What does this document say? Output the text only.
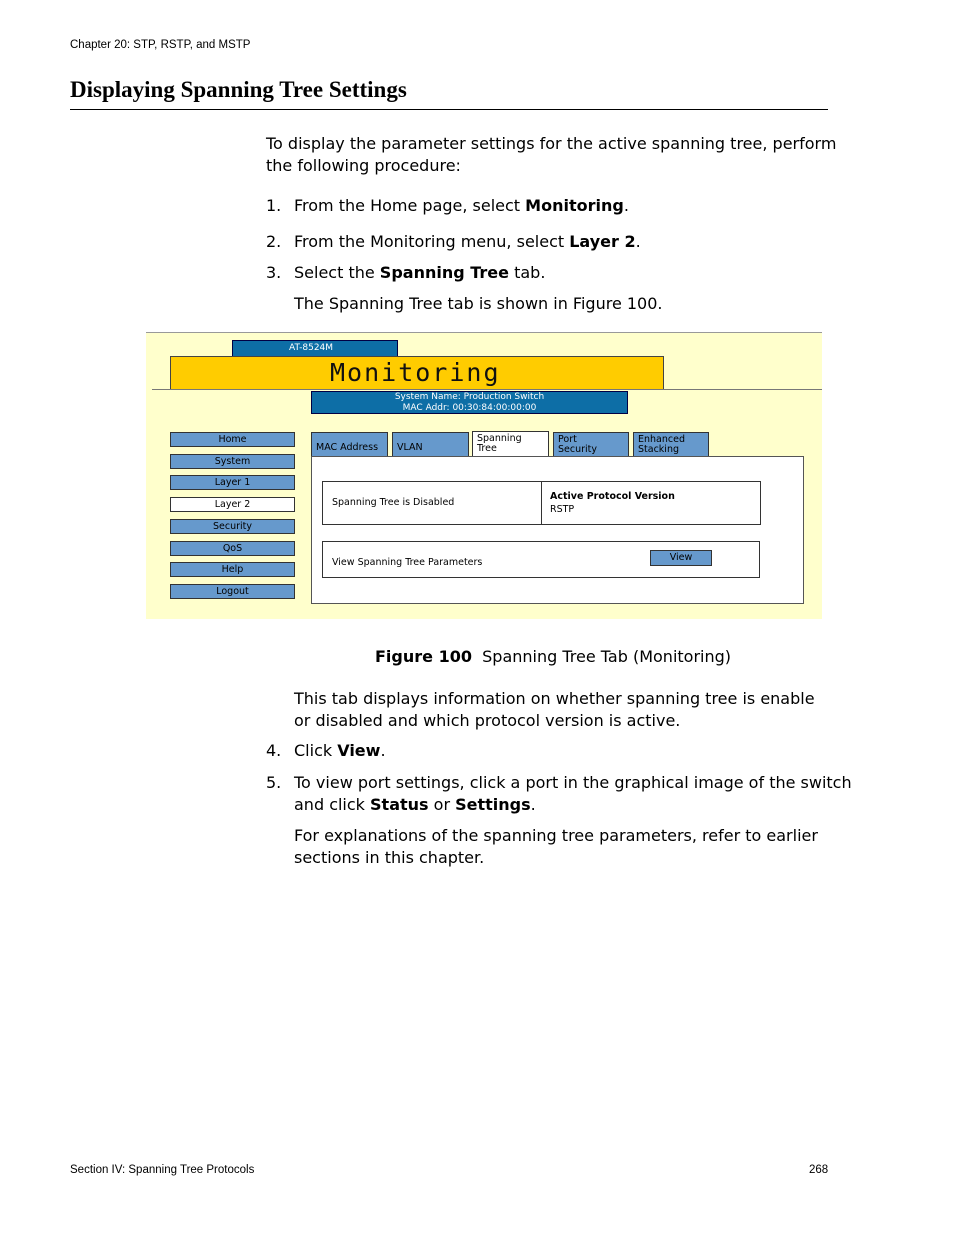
Chapter 20: STP, RSTP, and MSTP
Displaying Spanning Tree Settings
To display the parameter settings for the active spanning tree, perform
the following procedure:
1. From the Home page, select Monitoring.
2. From the Monitoring menu, select Layer 2.
3. Select the Spanning Tree tab.
The Spanning Tree tab is shown in Figure 100.
AT-8524M
Monitoring
System Name: Production Switch
MAC Addr: 00:30:84:00:00:00
Home
System
Layer 1
Layer 2
Security
QoS
Help
Logout
MAC Address	VLAN
Spanning
Tree
Port
Security
Enhanced
Stacking
Spanning Tree is Disabled
Active Protocol Version
RSTP
View Spanning Tree Parameters	View
Figure 100 Spanning Tree Tab (Monitoring)
This tab displays information on whether spanning tree is enable
or disabled and which protocol version is active.
4. Click View.
5. To view port settings, click a port in the graphical image of the switch
and click Status or Settings.
For explanations of the spanning tree parameters, refer to earlier
sections in this chapter.
Section IV: Spanning Tree Protocols	268
